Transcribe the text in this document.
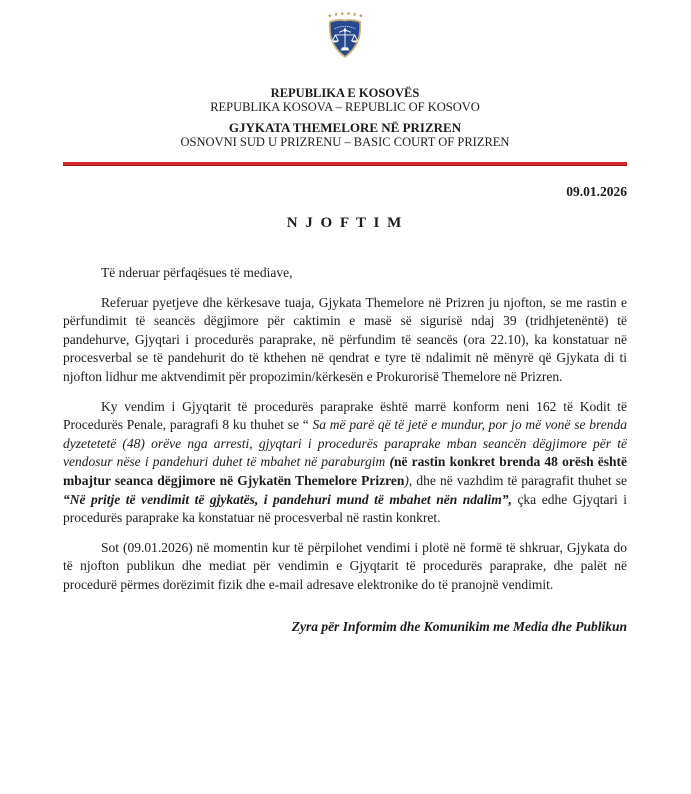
REPUBLIKA E KOSOVËS
REPUBLIKA KOSOVA – REPUBLIC OF KOSOVO
GJYKATA THEMELORE NË PRIZREN
OSNOVNI SUD U PRIZRENU – BASIC COURT OF PRIZREN
09.01.2026
N J O F T I M

Të nderuar përfaqësues të mediave,

Referuar pyetjeve dhe kërkesave tuaja, Gjykata Themelore në Prizren ju njofton, se me rastin e përfundimit të seancës dëgjimore për caktimin e masë së sigurisë ndaj 39 (tridhjetenëntë) të pandehurve, Gjyqtari i procedurës paraprake, në përfundim të seancës (ora 22.10), ka konstatuar në procesverbal se të pandehurit do të kthehen në qendrat e tyre të ndalimit në mënyrë që Gjykata di ti njofton lidhur me aktvendimit për propozimin/kërkesën e Prokurorisë Themelore në Prizren.

Ky vendim i Gjyqtarit të procedurës paraprake është marrë konform neni 162 të Kodit të Procedurës Penale, paragrafi 8 ku thuhet se “ Sa më parë që të jetë e mundur, por jo më vonë se brenda dyzetetetë (48) orëve nga arresti, gjyqtari i procedurës paraprake mban seancën dëgjimore për të vendosur nëse i pandehuri duhet të mbahet në paraburgim (në rastin konkret brenda 48 orësh është mbajtur seanca dëgjimore në Gjykatën Themelore Prizren), dhe në vazhdim të paragrafit thuhet se “Në pritje të vendimit të gjykatës, i pandehuri mund të mbahet nën ndalim”, çka edhe Gjyqtari i procedurës paraprake ka konstatuar në procesverbal në rastin konkret.

Sot (09.01.2026) në momentin kur të përpilohet vendimi i plotë në formë të shkruar, Gjykata do të njofton publikun dhe mediat për vendimin e Gjyqtarit të procedurës paraprake, dhe palët në procedurë përmes dorëzimit fizik dhe e-mail adresave elektronike do të pranojnë vendimit.

Zyra për Informim dhe Komunikim me Media dhe Publikun
